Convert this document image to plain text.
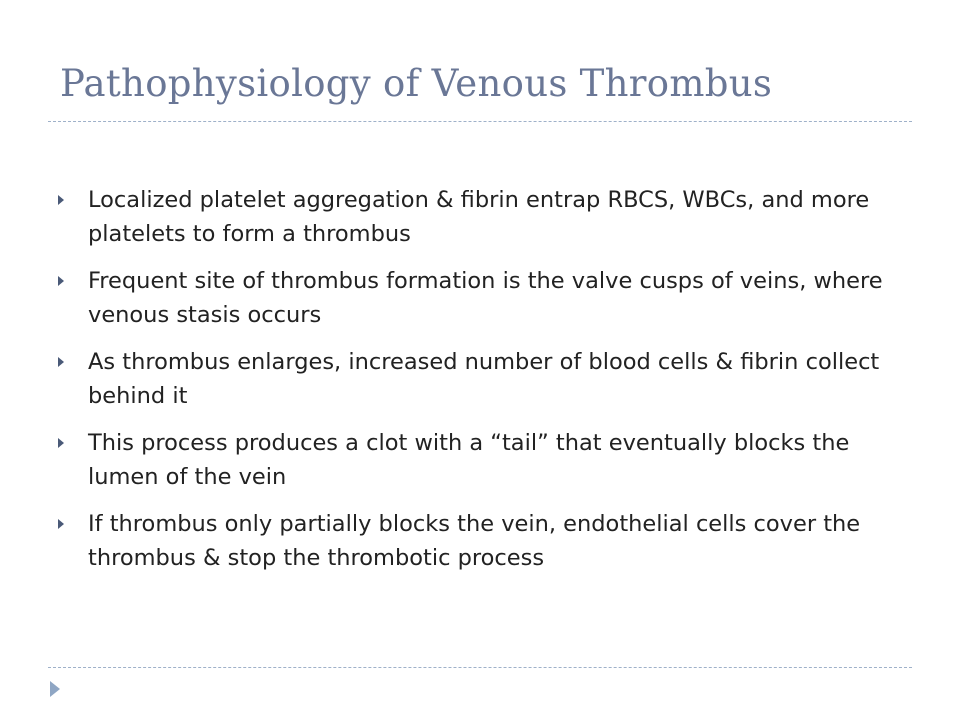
Pathophysiology of Venous Thrombus
Localized platelet aggregation & fibrin entrap RBCS, WBCs, and more platelets to form a thrombus
Frequent site of thrombus formation is the valve cusps of veins, where venous stasis occurs
As thrombus enlarges, increased number of blood cells & fibrin collect behind it
This process produces a clot with a “tail” that eventually blocks the lumen of the vein
If thrombus only partially blocks the vein, endothelial cells cover the thrombus & stop the thrombotic process
